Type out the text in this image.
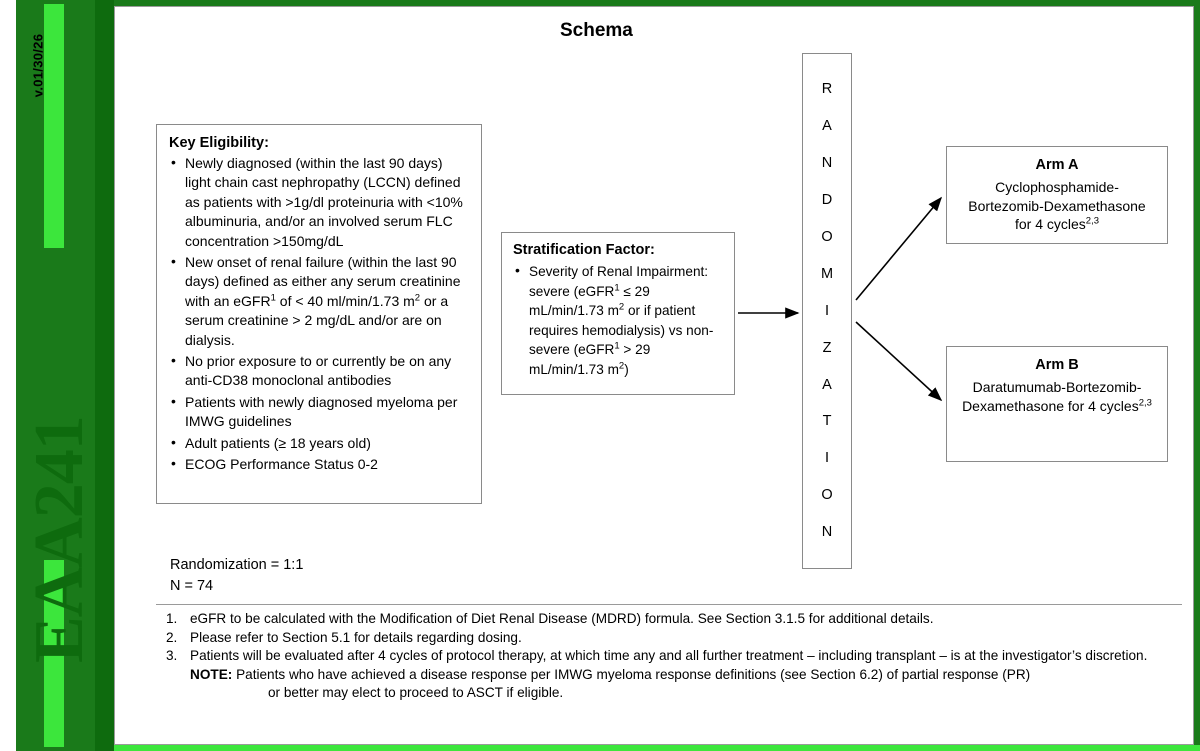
v.01/30/26
EAA241
Schema
Key Eligibility:
• Newly diagnosed (within the last 90 days) light chain cast nephropathy (LCCN) defined as patients with >1g/dl proteinuria with <10% albuminuria, and/or an involved serum FLC concentration >150mg/dL
• New onset of renal failure (within the last 90 days) defined as either any serum creatinine with an eGFR$^1$ of < 40 ml/min/1.73 $m^2$ or a serum creatinine > 2 mg/dL and/or are on dialysis.
• No prior exposure to or currently be on any anti-CD38 monoclonal antibodies
• Patients with newly diagnosed myeloma per IMWG guidelines
• Adult patients (≥ 18 years old)
• ECOG Performance Status 0-2
Stratification Factor:
• Severity of Renal Impairment: severe (eGFR$^1$ ≤ 29 mL/min/1.73 $m^2$ or if patient requires hemodialysis) vs non-severe (eGFR$^1$ > 29 mL/min/1.73 $m^2$)
R
A
N
D
O
M
I
Z
A
T
I
O
N
Arm A
Cyclophosphamide-Bortezomib-Dexamethasone for 4 cycles$^{2,3}$
Arm B
Daratumumab-Bortezomib-Dexamethasone for 4 cycles$^{2,3}$
Randomization = 1:1
N = 74
1. eGFR to be calculated with the Modification of Diet Renal Disease (MDRD) formula. See Section 3.1.5 for additional details.
2. Please refer to Section 5.1 for details regarding dosing.
3. Patients will be evaluated after 4 cycles of protocol therapy, at which time any and all further treatment – including transplant – is at the investigator’s discretion.
NOTE: Patients who have achieved a disease response per IMWG myeloma response definitions (see Section 6.2) of partial response (PR)
or better may elect to proceed to ASCT if eligible.
